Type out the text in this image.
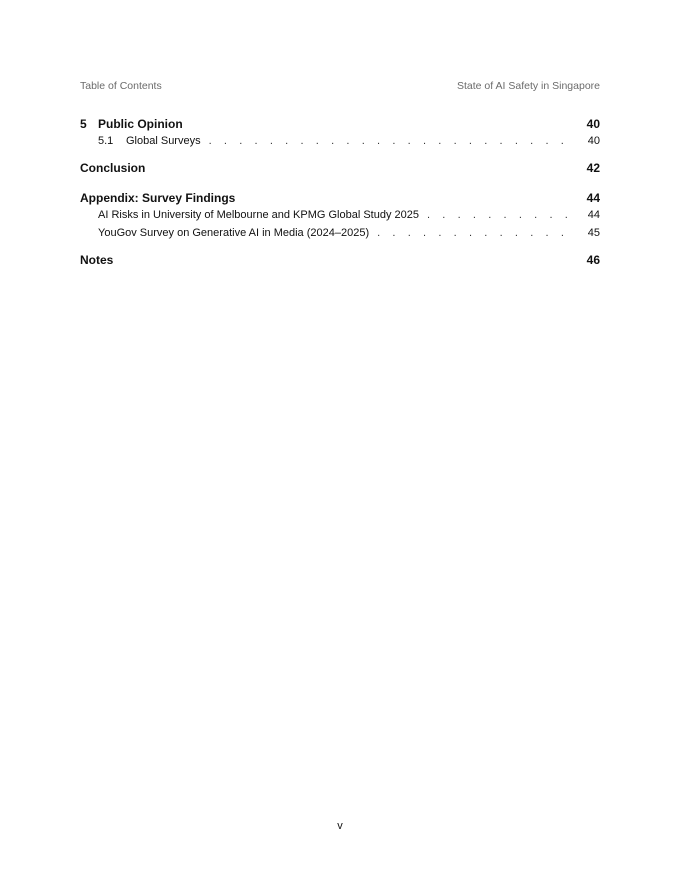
Table of Contents	State of AI Safety in Singapore
5 Public Opinion	40
5.1	Global Surveys . . .	40
Conclusion	42
Appendix: Survey Findings	44
AI Risks in University of Melbourne and KPMG Global Study 2025 . . .	44
YouGov Survey on Generative AI in Media (2024–2025) . . .	45
Notes	46
v
